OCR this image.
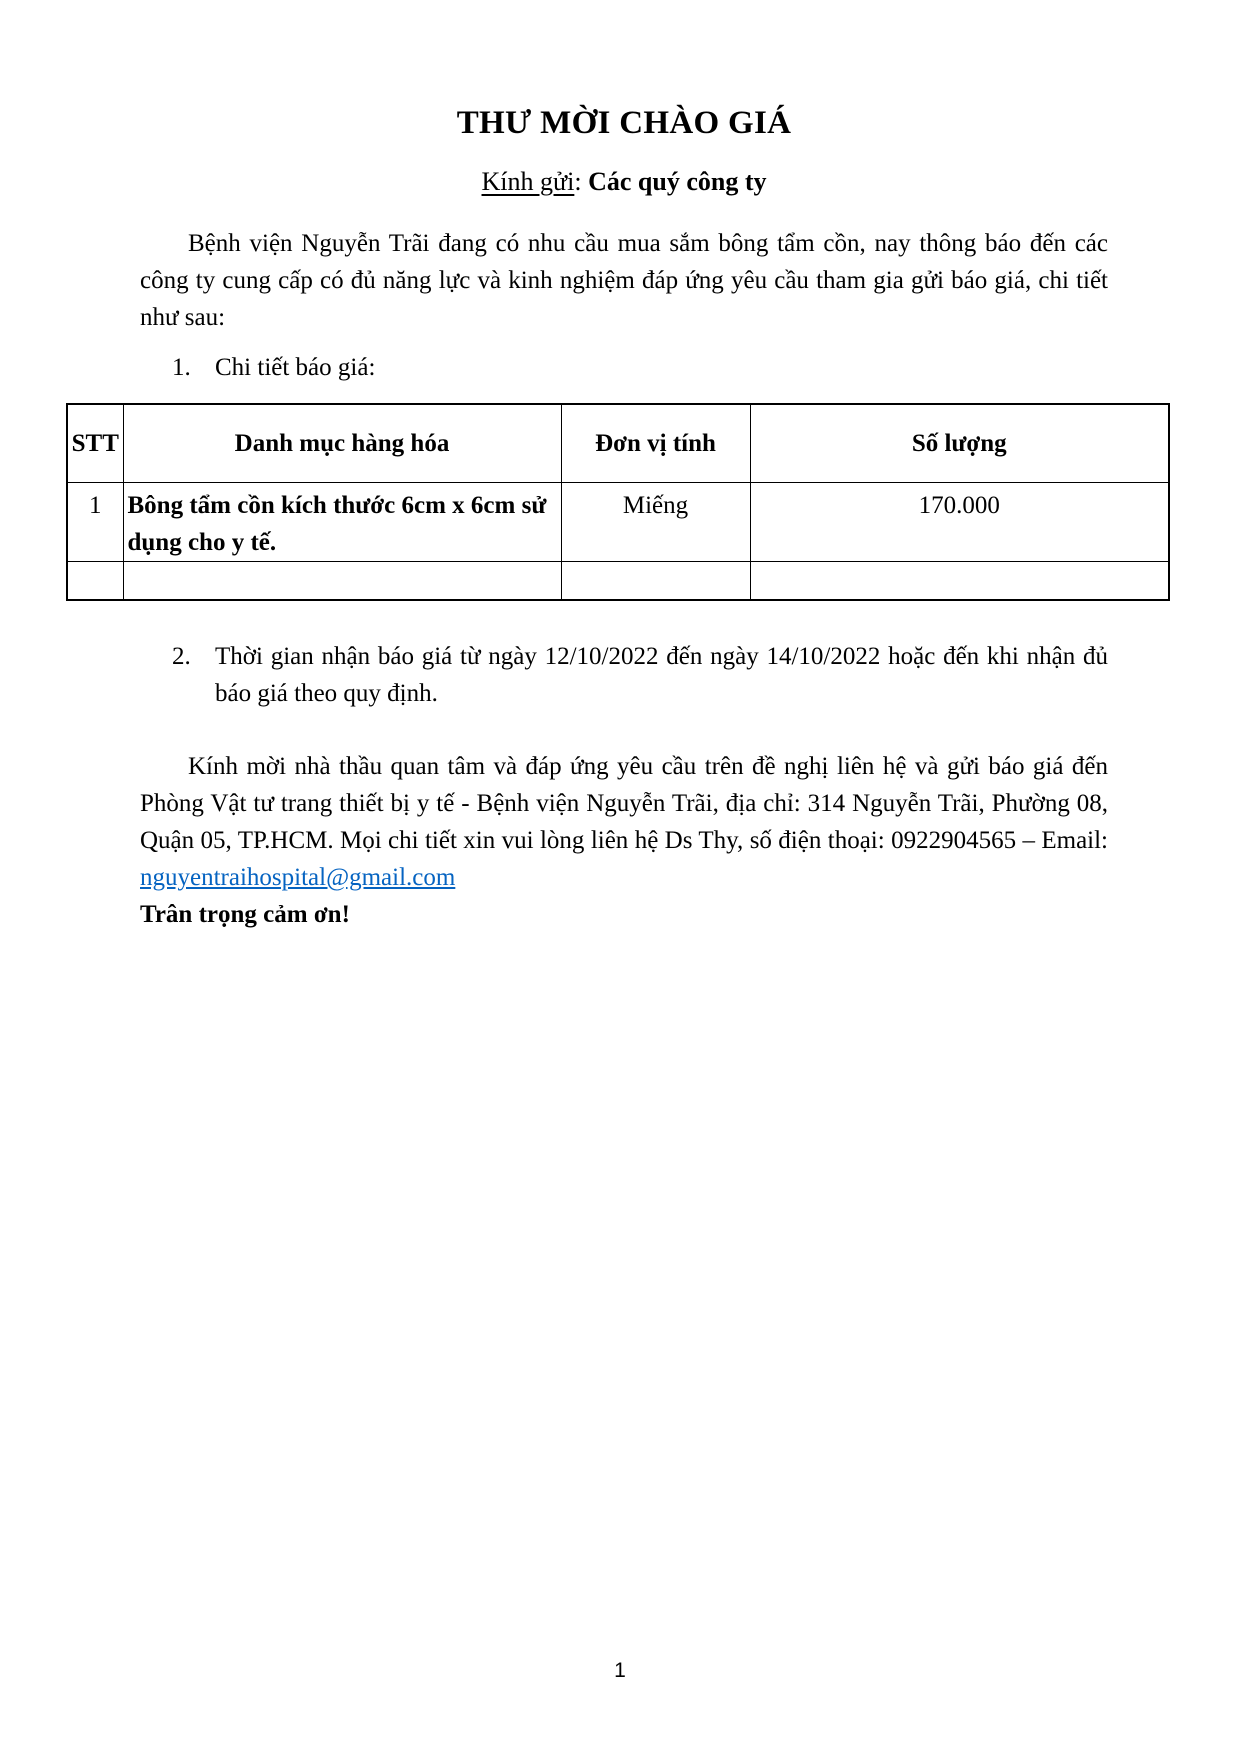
THƯ MỜI CHÀO GIÁ
Kính gửi: Các quý công ty

Bệnh viện Nguyễn Trãi đang có nhu cầu mua sắm bông tẩm cồn, nay thông báo đến các công ty cung cấp có đủ năng lực và kinh nghiệm đáp ứng yêu cầu tham gia gửi báo giá, chi tiết như sau:

1. Chi tiết báo giá:
STT	Danh mục hàng hóa	Đơn vị tính	Số lượng
1	Bông tẩm cồn kích thước 6cm x 6cm sử dụng cho y tế.	Miếng	170.000

2. Thời gian nhận báo giá từ ngày 12/10/2022 đến ngày 14/10/2022 hoặc đến khi nhận đủ báo giá theo quy định.

Kính mời nhà thầu quan tâm và đáp ứng yêu cầu trên đề nghị liên hệ và gửi báo giá đến Phòng Vật tư trang thiết bị y tế - Bệnh viện Nguyễn Trãi, địa chỉ: 314 Nguyễn Trãi, Phường 08, Quận 05, TP.HCM. Mọi chi tiết xin vui lòng liên hệ Ds Thy, số điện thoại: 0922904565 – Email: nguyentraihospital@gmail.com

Trân trọng cảm ơn!

1
